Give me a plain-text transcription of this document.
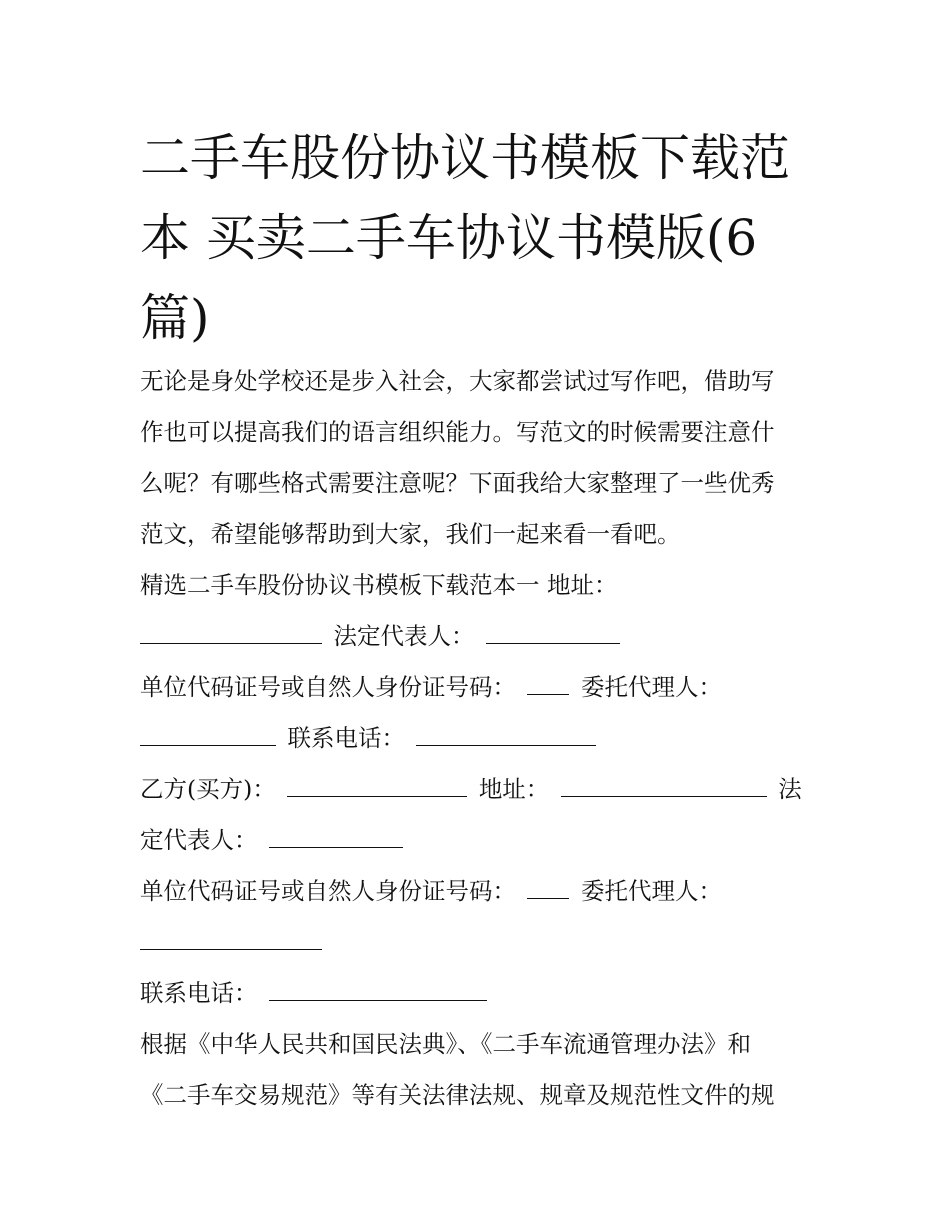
二手车股份协议书模板下载范
本 买卖二手车协议书模版(6
篇)

无论是身处学校还是步入社会，大家都尝试过写作吧，借助写

作也可以提高我们的语言组织能力。写范文的时候需要注意什

么呢？有哪些格式需要注意呢？下面我给大家整理了一些优秀

范文，希望能够帮助到大家，我们一起来看一看吧。

精选二手车股份协议书模板下载范本一 地址：

法定代表人：

单位代码证号或自然人身份证号码：	委托代理人：

联系电话：

乙方(买方)：	地址：	法

定代表人：

单位代码证号或自然人身份证号码：	委托代理人：

联系电话：

根据《中华人民共和国民法典》、《二手车流通管理办法》和

《二手车交易规范》等有关法律法规、规章及规范性文件的规
